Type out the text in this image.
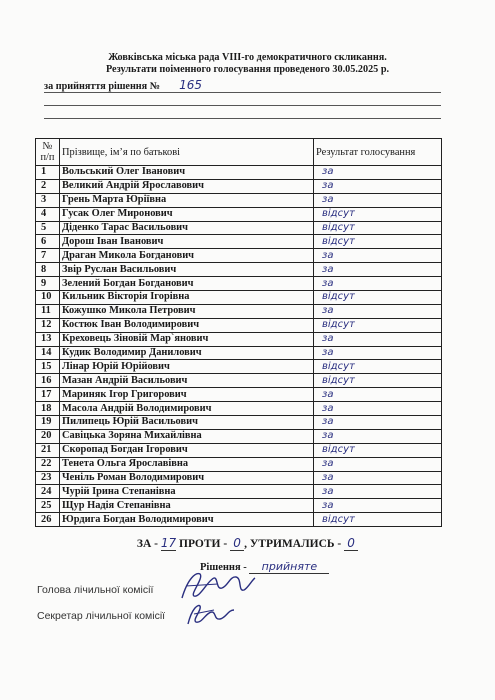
Жовківська міська рада VIII-го демократичного скликання.
Результати поіменного голосування проведеного 30.05.2025 р.
за прийняття рішення № 165
№ п/п	Прізвище, ім’я по батькові	Результат голосування
1	Вольський Олег Іванович	за
2	Великий Андрій Ярославович	за
3	Грень Марта Юріївна	за
4	Гусак Олег Миронович	відсут
5	Діденко Тарас Васильович	відсут
6	Дорош Іван Іванович	відсут
7	Драган Микола Богданович	за
8	Звір Руслан Васильович	за
9	Зелений Богдан Богданович	за
10	Кильник Вікторія Ігорівна	відсут
11	Кожушко Микола Петрович	за
12	Костюк Іван Володимирович	відсут
13	Креховець Зіновій Мар`янович	за
14	Кудик Володимир Данилович	за
15	Лінар Юрій Юрійович	відсут
16	Мазан Андрій Васильович	відсут
17	Мариняк Ігор Григорович	за
18	Масола Андрій Володимирович	за
19	Пилипець Юрій Васильович	за
20	Савіцька Зоряна Михайлівна	за
21	Скоропад Богдан Ігорович	відсут
22	Тенета Ольга Ярославівна	за
23	Ченіль Роман Володимирович	за
24	Чурій Ірина Степанівна	за
25	Щур Надія Степанівна	за
26	Юрдига Богдан Володимирович	відсут
ЗА - 17 ПРОТИ - 0 , УТРИМАЛИСЬ - 0
Рішення - прийняте
Голова лічильної комісії
Секретар лічильної комісії
